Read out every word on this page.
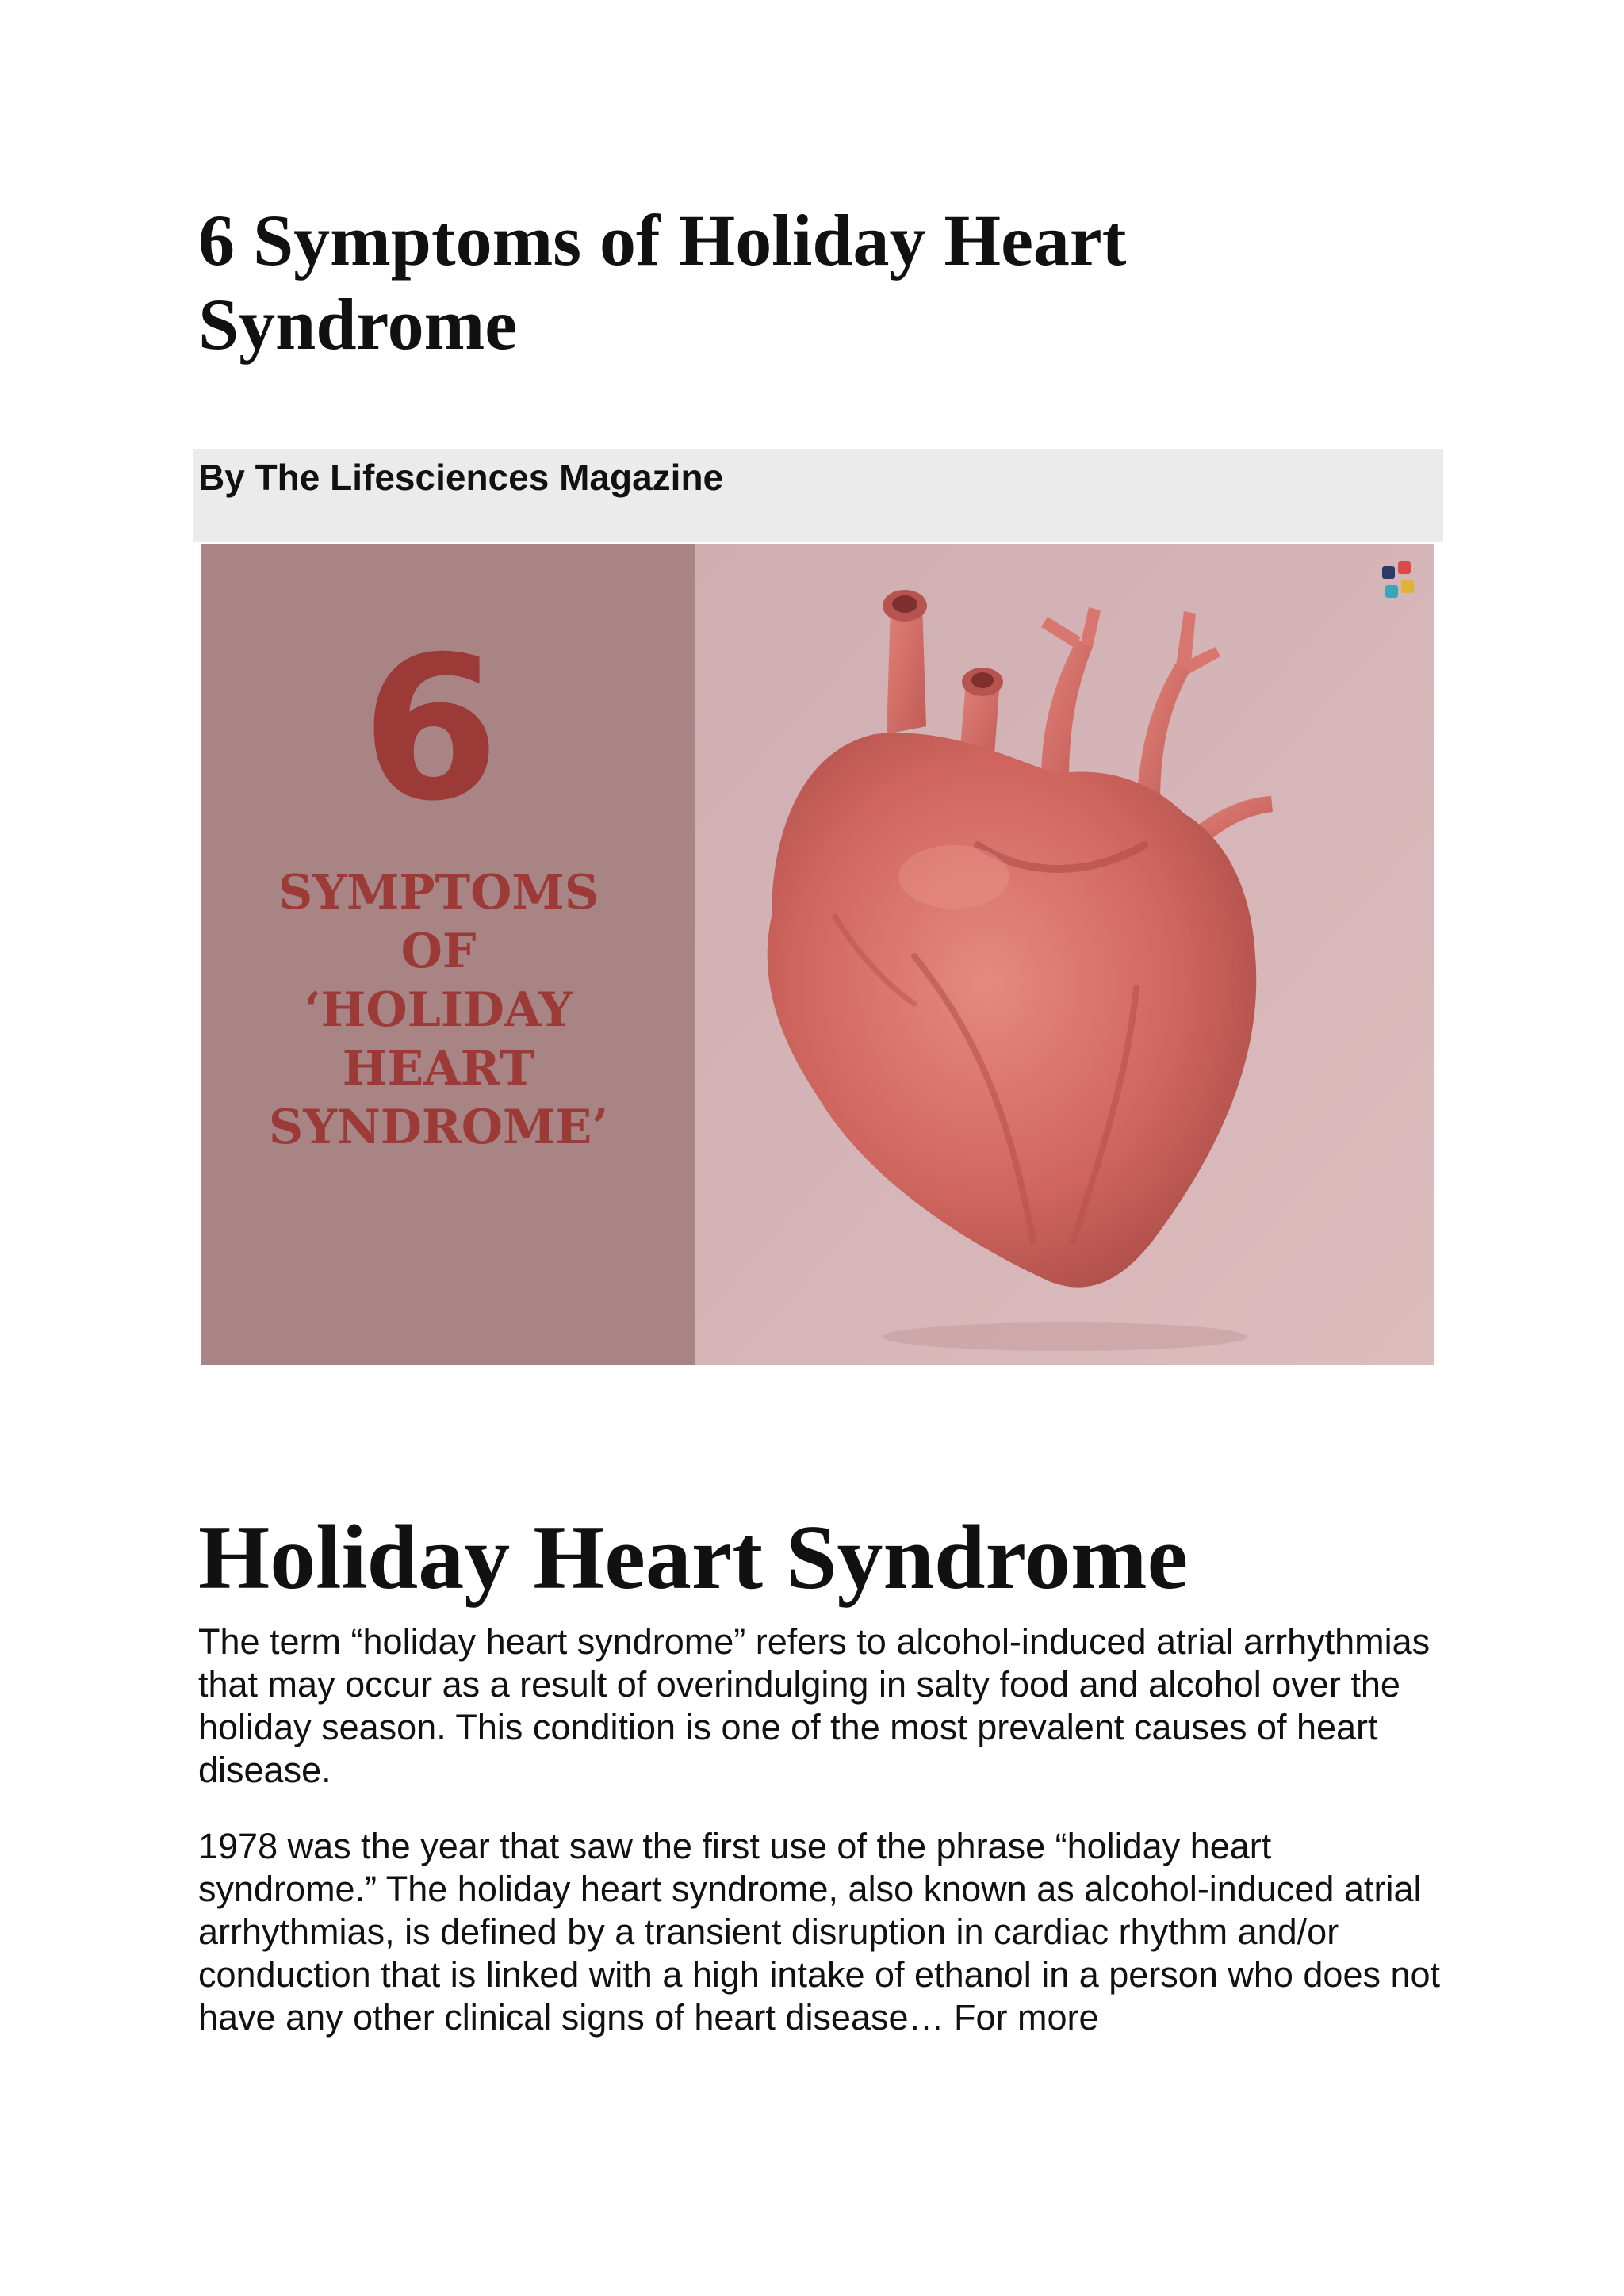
6 Symptoms of Holiday Heart Syndrome

By The Lifesciences Magazine

6
SYMPTOMS
OF
‘HOLIDAY
HEART
SYNDROME’
Holiday Heart Syndrome

The term “holiday heart syndrome” refers to alcohol-induced atrial arrhythmias that may occur as a result of overindulging in salty food and alcohol over the holiday season. This condition is one of the most prevalent causes of heart disease.

1978 was the year that saw the first use of the phrase “holiday heart syndrome.” The holiday heart syndrome, also known as alcohol-induced atrial arrhythmias, is defined by a transient disruption in cardiac rhythm and/or conduction that is linked with a high intake of ethanol in a person who does not have any other clinical signs of heart disease… For more
